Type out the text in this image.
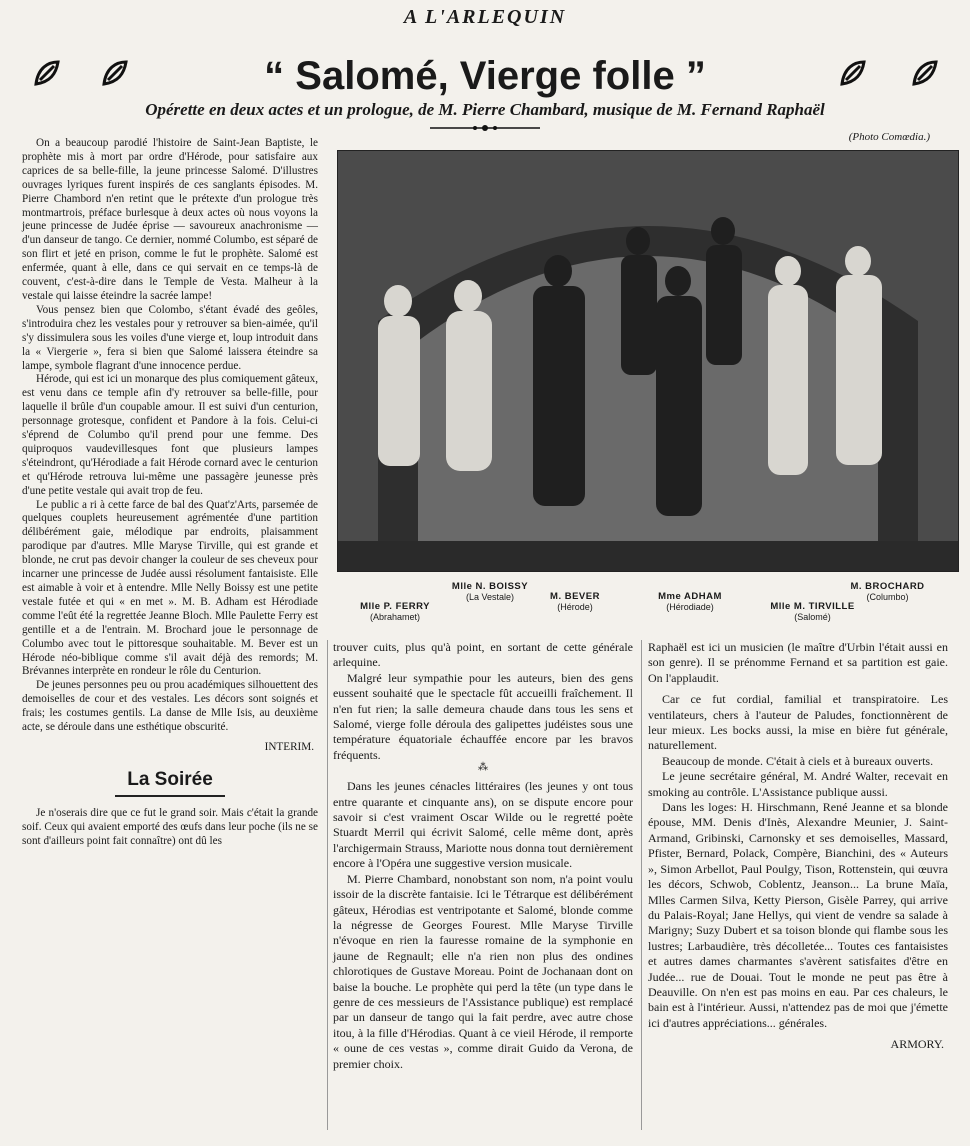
A L'ARLEQUIN
“ Salomé, Vierge folle ”
Opérette en deux actes et un prologue, de M. Pierre Chambard, musique de M. Fernand Raphaël
(Photo Comœdia.)
Mlle N. BOISSY
(La Vestale)
Mlle P. FERRY
(Abrahamet)
M. BEVER
(Hérode)
Mme ADHAM
(Hérodiade)	Mlle M. TIRVILLE
(Salomé)
M. BROCHARD
(Columbo)

On a beaucoup parodié l'histoire de Saint-Jean Baptiste, le prophète mis à mort par ordre d'Hérode, pour satisfaire aux caprices de sa belle-fille, la jeune princesse Salomé. D'illustres ouvrages lyriques furent inspirés de ces sanglants épisodes. M. Pierre Chambord n'en retint que le prétexte d'un prologue très montmartrois, préface burlesque à deux actes où nous voyons la jeune princesse de Judée éprise — savoureux anachronisme — d'un danseur de tango. Ce dernier, nommé Columbo, est séparé de son flirt et jeté en prison, comme le fut le prophète. Salomé est enfermée, quant à elle, dans ce qui servait en ce temps-là de couvent, c'est-à-dire dans le Temple de Vesta. Malheur à la vestale qui laisse éteindre la sacrée lampe!

Vous pensez bien que Colombo, s'étant évadé des geôles, s'introduira chez les vestales pour y retrouver sa bien-aimée, qu'il s'y dissimulera sous les voiles d'une vierge et, loup introduit dans la « Viergerie », fera si bien que Salomé laissera éteindre sa lampe, symbole flagrant d'une innocence perdue.

Hérode, qui est ici un monarque des plus comiquement gâteux, est venu dans ce temple afin d'y retrouver sa belle-fille, pour laquelle il brûle d'un coupable amour. Il est suivi d'un centurion, personnage grotesque, confident et Pandore à la fois. Celui-ci s'éprend de Columbo qu'il prend pour une femme. Des quiproquos vaudevillesques font que plusieurs lampes s'éteindront, qu'Hérodiade a fait Hérode cornard avec le centurion et qu'Hérode retrouva lui-même une passagère jeunesse près d'une petite vestale qui avait trop de feu.

Le public a ri à cette farce de bal des Quat'z'Arts, parsemée de quelques couplets heureusement agrémentée d'une partition délibérément gaie, mélodique par endroits, plaisamment parodique par d'autres. Mlle Maryse Tirville, qui est grande et blonde, ne crut pas devoir changer la couleur de ses cheveux pour incarner une princesse de Judée aussi résolument fantaisiste. Elle est aimable à voir et à entendre. Mlle Nelly Boissy est une petite vestale futée et qui « en met ». M. B. Adham est Hérodiade comme l'eût été la regrettée Jeanne Bloch. Mlle Paulette Ferry est gentille et a de l'entrain. M. Brochard joue le personnage de Columbo avec tout le pittoresque souhaitable. M. Bever est un Hérode néo-biblique comme s'il avait déjà des remords; M. Brévannes interprète en rondeur le rôle du Centurion.

De jeunes personnes peu ou prou académiques silhouettent des demoiselles de cour et des vestales. Les décors sont soignés et frais; les costumes gentils. La danse de Mlle Isis, au deuxième acte, se déroule dans une esthétique obscurité.

INTERIM.
La Soirée

Je n'oserais dire que ce fut le grand soir. Mais c'était la grande soif. Ceux qui avaient emporté des œufs dans leur poche (ils ne se sont d'ailleurs point fait connaître) ont dû les

trouver cuits, plus qu'à point, en sortant de cette générale arlequine.

Malgré leur sympathie pour les auteurs, bien des gens eussent souhaité que le spectacle fût accueilli fraîchement. Il n'en fut rien; la salle demeura chaude dans tous les sens et Salomé, vierge folle déroula des galipettes judéistes sous une température équatoriale échauffée encore par les bravos fréquents.

⁂

Dans les jeunes cénacles littéraires (les jeunes y ont tous entre quarante et cinquante ans), on se dispute encore pour savoir si c'est vraiment Oscar Wilde ou le regretté poète Stuardt Merril qui écrivit Salomé, celle même dont, après l'archigermain Strauss, Mariotte nous donna tout dernièrement encore à l'Opéra une suggestive version musicale.

M. Pierre Chambard, nonobstant son nom, n'a point voulu issoir de la discrète fantaisie. Ici le Tétrarque est délibérément gâteux, Hérodias est ventripotante et Salomé, blonde comme la négresse de Georges Fourest. Mlle Maryse Tirville n'évoque en rien la fauresse romaine de la symphonie en jaune de Regnault; elle n'a rien non plus des ondines chlorotiques de Gustave Moreau. Point de Jochanaan dont on baise la bouche. Le prophète qui perd la tête (un type dans le genre de ces messieurs de l'Assistance publique) est remplacé par un danseur de tango qui la fait perdre, avec autre chose itou, à la fille d'Hérodias. Quant à ce vieil Hérode, il remporte « oune de ces vestas », comme dirait Guido da Verona, de premier choix.

Raphaël est ici un musicien (le maître d'Urbin l'était aussi en son genre). Il se prénomme Fernand et sa partition est gaie. On l'applaudit.

Car ce fut cordial, familial et transpiratoire. Les ventilateurs, chers à l'auteur de Paludes, fonctionnèrent de leur mieux. Les bocks aussi, la mise en bière fut générale, naturellement.

Beaucoup de monde. C'était à ciels et à bureaux ouverts.

Le jeune secrétaire général, M. André Walter, recevait en smoking au contrôle. L'Assistance publique aussi.

Dans les loges: H. Hirschmann, René Jeanne et sa blonde épouse, MM. Denis d'Inès, Alexandre Meunier, J. Saint-Armand, Gribinski, Carnonsky et ses demoiselles, Massard, Pfister, Bernard, Polack, Compère, Bianchini, des « Auteurs », Simon Arbellot, Paul Poulgy, Tison, Rottenstein, qui œuvra les décors, Schwob, Coblentz, Jeanson... La brune Maïa, Mlles Carmen Silva, Ketty Pierson, Gisèle Parrey, qui arrive du Palais-Royal; Jane Hellys, qui vient de vendre sa salade à Marigny; Suzy Dubert et sa toison blonde qui flambe sous les lustres; Larbaudière, très décolletée... Toutes ces fantaisistes et autres dames charmantes s'avèrent satisfaites d'être en Judée... rue de Douai. Tout le monde ne peut pas être à Deauville. On n'en est pas moins en eau. Par ces chaleurs, le bain est à l'intérieur. Aussi, n'attendez pas de moi que j'émette ici d'autres appréciations... générales.

ARMORY.
